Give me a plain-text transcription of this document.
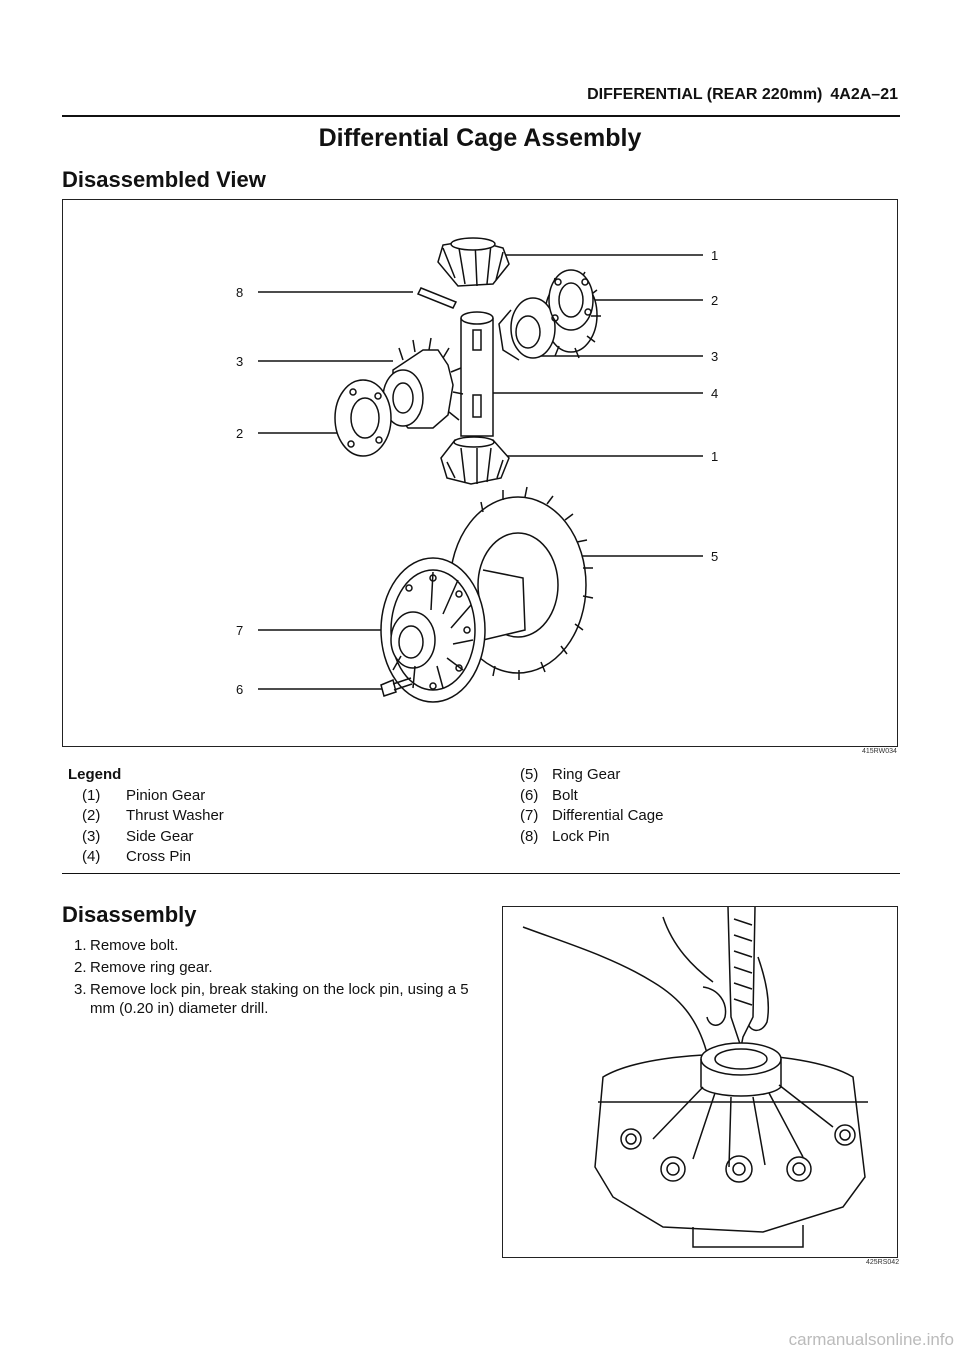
DIFFERENTIAL (REAR 220mm) 4A2A–21
Differential Cage Assembly
Disassembled View
8
3
2
7
6
1
2
3
4
1
5
415RW034
Legend
(1)	Pinion Gear
(2)	Thrust Washer
(3)	Side Gear
(4)	Cross Pin
(5) Ring Gear
(6) Bolt
(7) Differential Cage
(8) Lock Pin
Disassembly
1. Remove bolt.
2. Remove ring gear.
3. Remove lock pin, break staking on the lock pin, using a 5 mm (0.20 in) diameter drill.
425RS042
carmanualsonline.info
